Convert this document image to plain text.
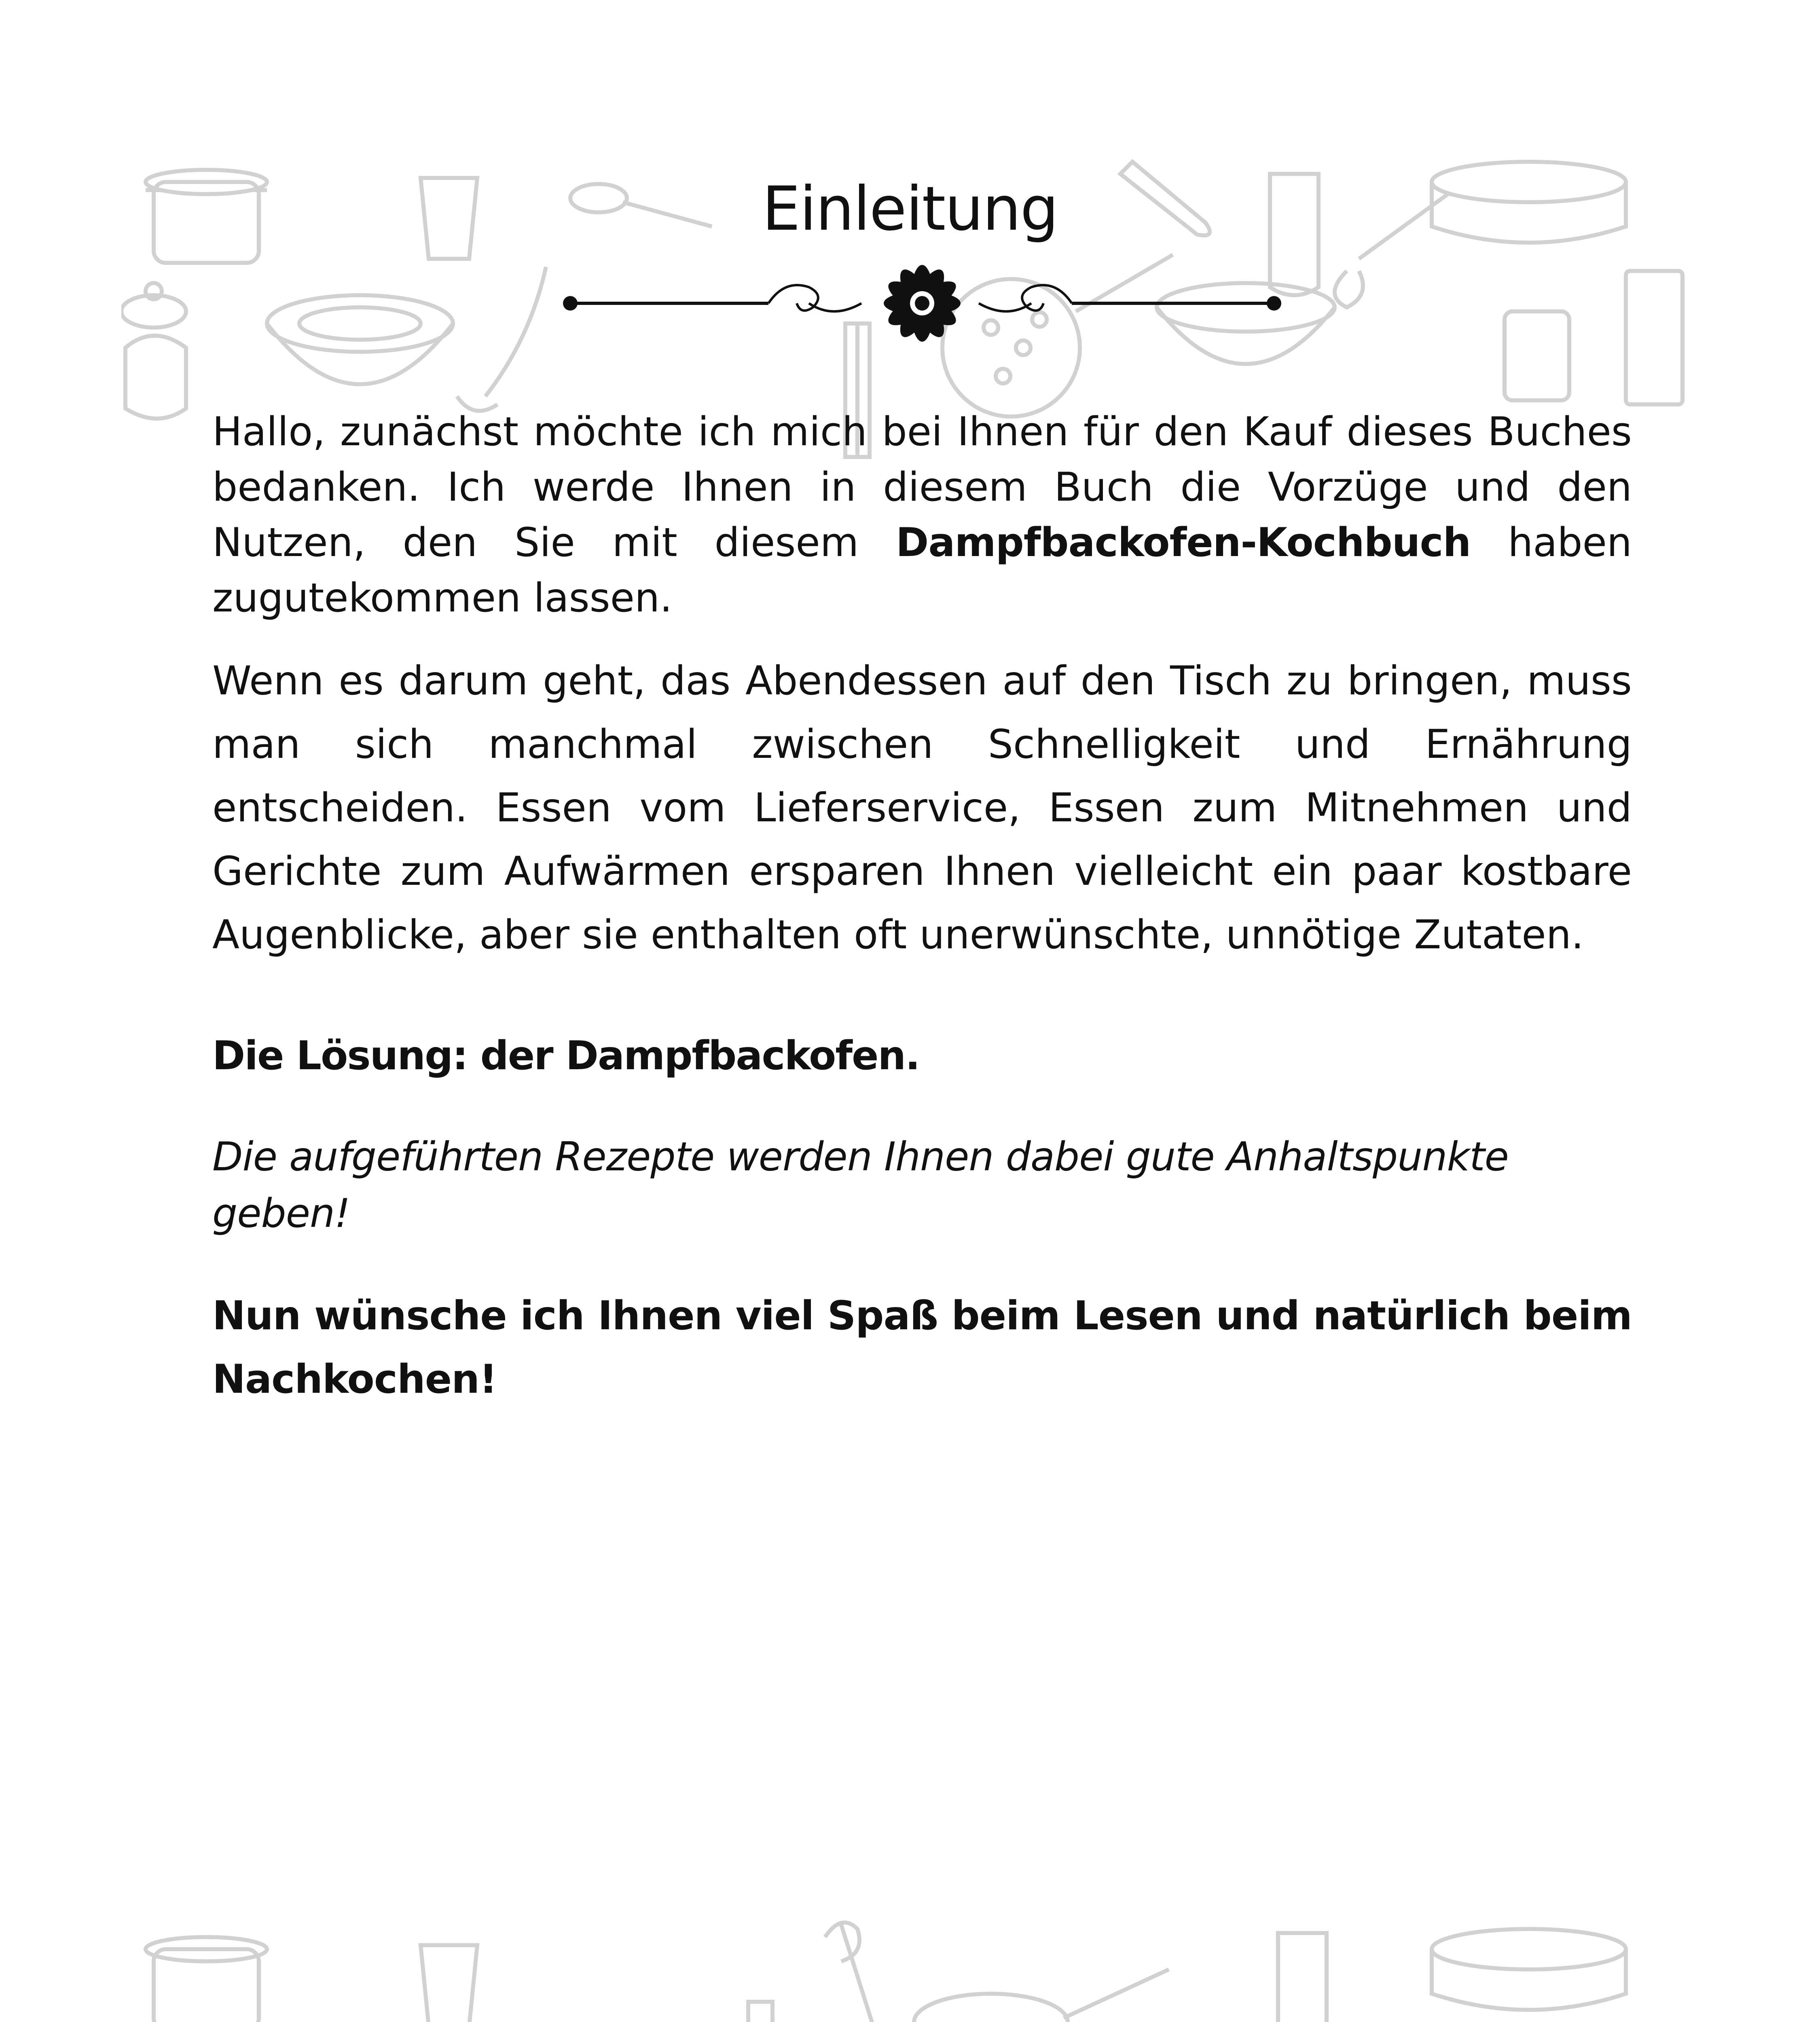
Einleitung

Hallo, zunächst möchte ich mich bei Ihnen für den Kauf dieses Buches bedanken. Ich werde Ihnen in diesem Buch die Vorzüge und den Nutzen, den Sie mit diesem Dampfbackofen-Kochbuch haben zugutekommen lassen.

Wenn es darum geht, das Abendessen auf den Tisch zu bringen, muss man sich manchmal zwischen Schnelligkeit und Ernährung entscheiden. Essen vom Lieferservice, Essen zum Mitnehmen und Gerichte zum Aufwärmen ersparen Ihnen vielleicht ein paar kostbare Augenblicke, aber sie enthalten oft unerwünschte, unnötige Zutaten.

Die Lösung: der Dampfbackofen.

Die aufgeführten Rezepte werden Ihnen dabei gute Anhaltspunkte geben!

Nun wünsche ich Ihnen viel Spaß beim Lesen und natürlich beim Nachkochen!
